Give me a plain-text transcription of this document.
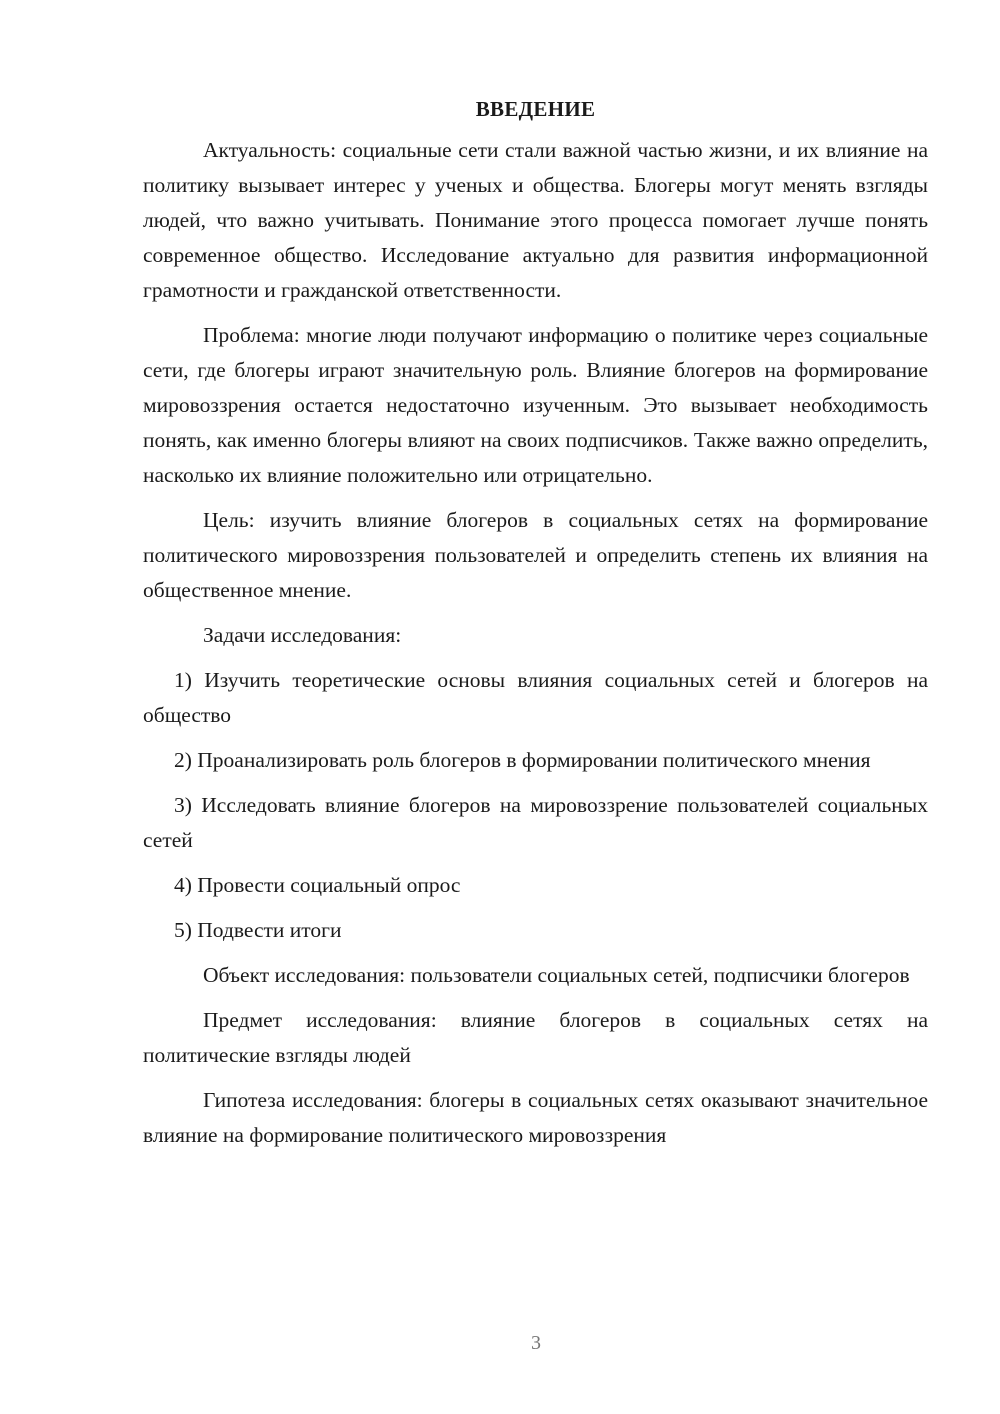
ВВЕДЕНИЕ

Актуальность: социальные сети стали важной частью жизни, и их влияние на политику вызывает интерес у ученых и общества. Блогеры могут менять взгляды людей, что важно учитывать. Понимание этого процесса помогает лучше понять современное общество. Исследование актуально для развития информационной грамотности и гражданской ответственности.

Проблема: многие люди получают информацию о политике через социальные сети, где блогеры играют значительную роль. Влияние блогеров на формирование мировоззрения остается недостаточно изученным. Это вызывает необходимость понять, как именно блогеры влияют на своих подписчиков. Также важно определить, насколько их влияние положительно или отрицательно.

Цель: изучить влияние блогеров в социальных сетях на формирование политического мировоззрения пользователей и определить степень их влияния на общественное мнение.

Задачи исследования:

1) Изучить теоретические основы влияния социальных сетей и блогеров на общество

2) Проанализировать роль блогеров в формировании политического мнения

3) Исследовать влияние блогеров на мировоззрение пользователей социальных сетей

4) Провести социальный опрос

5) Подвести итоги

Объект исследования: пользователи социальных сетей, подписчики блогеров

Предмет исследования: влияние блогеров в социальных сетях на политические взгляды людей

Гипотеза исследования: блогеры в социальных сетях оказывают значительное влияние на формирование политического мировоззрения

3
